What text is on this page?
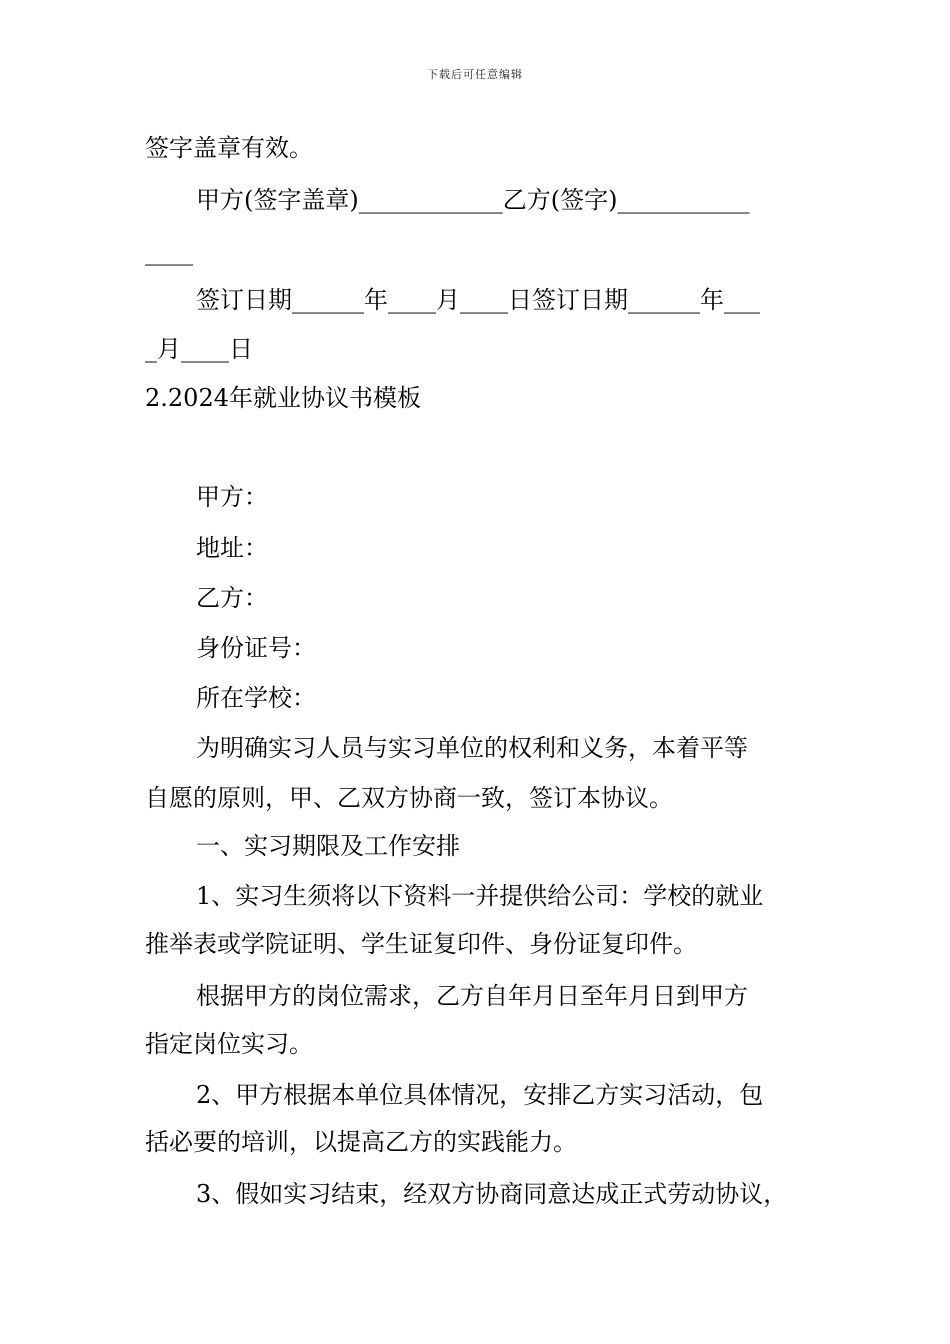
下载后可任意编辑
签字盖章有效。
甲方(签字盖章)____________乙方(签字)___________
____
签订日期______年____月____日签订日期______年___
_月____日
2.2024年就业协议书模板
甲方：
地址：
乙方：
身份证号：
所在学校：
为明确实习人员与实习单位的权利和义务，本着平等
自愿的原则，甲、乙双方协商一致，签订本协议。
一、实习期限及工作安排
1、实习生须将以下资料一并提供给公司：学校的就业
推举表或学院证明、学生证复印件、身份证复印件。
根据甲方的岗位需求，乙方自年月日至年月日到甲方
指定岗位实习。
2、甲方根据本单位具体情况，安排乙方实习活动，包
括必要的培训，以提高乙方的实践能力。
3、假如实习结束，经双方协商同意达成正式劳动协议，
